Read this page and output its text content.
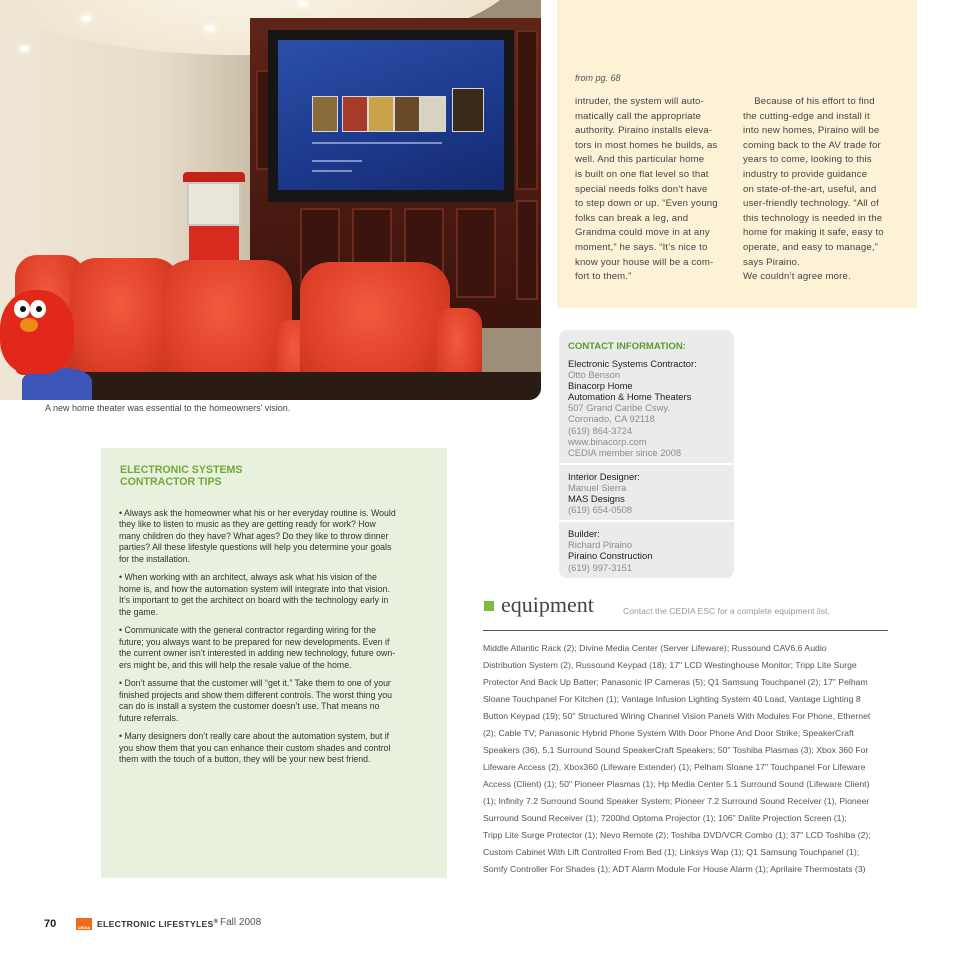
A new home theater was essential to the homeowners’ vision.
from pg. 68

intruder, the system will auto-

matically call the appropriate

authority. Piraino installs eleva-

tors in most homes he builds, as

well. And this particular home

is built on one flat level so that

special needs folks don’t have

to step down or up. “Even young

folks can break a leg, and

Grandma could move in at any

moment,” he says. “It’s nice to

know your house will be a com-

fort to them.”

Because of his effort to find

the cutting-edge and install it

into new homes, Piraino will be

coming back to the AV trade for

years to come, looking to this

industry to provide guidance

on state-of-the-art, useful, and

user-friendly technology. “All of

this technology is needed in the

home for making it safe, easy to

operate, and easy to manage,”

says Piraino.

We couldn’t agree more.

CONTACT INFORMATION:
Electronic Systems Contractor:
Otto Benson
Binacorp Home
Automation & Home Theaters
507 Grand Caribe Cswy.
Coronado, CA 92118
(619) 864-3724
www.binacorp.com
CEDIA member since 2008
Interior Designer:
Manuel Sierra
MAS Designs
(619) 654-0508
Builder:
Richard Piraino
Piraino Construction
(619) 997-3151
ELECTRONIC SYSTEMS
CONTRACTOR TIPS

• Always ask the homeowner what his or her everyday routine is. Would
they like to listen to music as they are getting ready for work? How
many children do they have? What ages? Do they like to throw dinner
parties? All these lifestyle questions will help you determine your goals
for the installation.

• When working with an architect, always ask what his vision of the
home is, and how the automation system will integrate into that vision.
It’s important to get the architect on board with the technology early in
the game.

• Communicate with the general contractor regarding wiring for the
future; you always want to be prepared for new developments. Even if
the current owner isn’t interested in adding new technology, future own-
ers might be, and this will help the resale value of the home.

• Don’t assume that the customer will “get it.” Take them to one of your
finished projects and show them different controls. The worst thing you
can do is install a system the customer doesn’t use. That means no
future referrals.

• Many designers don’t really care about the automation system, but if
you show them that you can enhance their custom shades and control
them with the touch of a button, they will be your new best friend.

equipment	Contact the CEDIA ESC for a complete equipment list.
Middle Atlantic Rack (2); Divine Media Center (Server Lifeware); Russound CAV6.6 Audio
Distribution System (2), Russound Keypad (18); 17" LCD Westinghouse Monitor; Tripp Lite Surge
Protector And Back Up Batter; Panasonic IP Cameras (5); Q1 Samsung Touchpanel (2); 17" Pelham
Sloane Touchpanel For Kitchen (1); Vantage Infusion Lighting System 40 Load, Vantage Lighting 8
Button Keypad (19); 50" Structured Wiring Channel Vision Panels With Modules For Phone, Ethernet
(2); Cable TV; Panasonic Hybrid Phone System With Door Phone And Door Strike; SpeakerCraft
Speakers (36), 5.1 Surround Sound SpeakerCraft Speakers; 50" Toshiba Plasmas (3); Xbox 360 For
Lifeware Access (2), Xbox360 (Lifeware Extender) (1); Pelham Sloane 17" Touchpanel For Lifeware
Access (Client) (1); 50" Pioneer Plasmas (1); Hp Media Center 5.1 Surround Sound (Lifeware Client)
(1); Infinity 7.2 Surround Sound Speaker System; Pioneer 7.2 Surround Sound Receiver (1), Pioneer
Surround Sound Receiver (1); 7200hd Optoma Projector (1); 106" Dalite Projection Screen (1);
Tripp Lite Surge Protector (1); Nevo Remote (2); Toshiba DVD/VCR Combo (1); 37" LCD Toshiba (2);
Custom Cabinet With Lift Controlled From Bed (1); Linksys Wap (1); Q1 Samsung Touchpanel (1);
Somfy Controller For Shades (1); ADT Alarm Module For House Alarm (1); Aprilaire Thermostats (3)
70	CEDIA ELECTRONIC LIFESTYLES® Fall 2008
